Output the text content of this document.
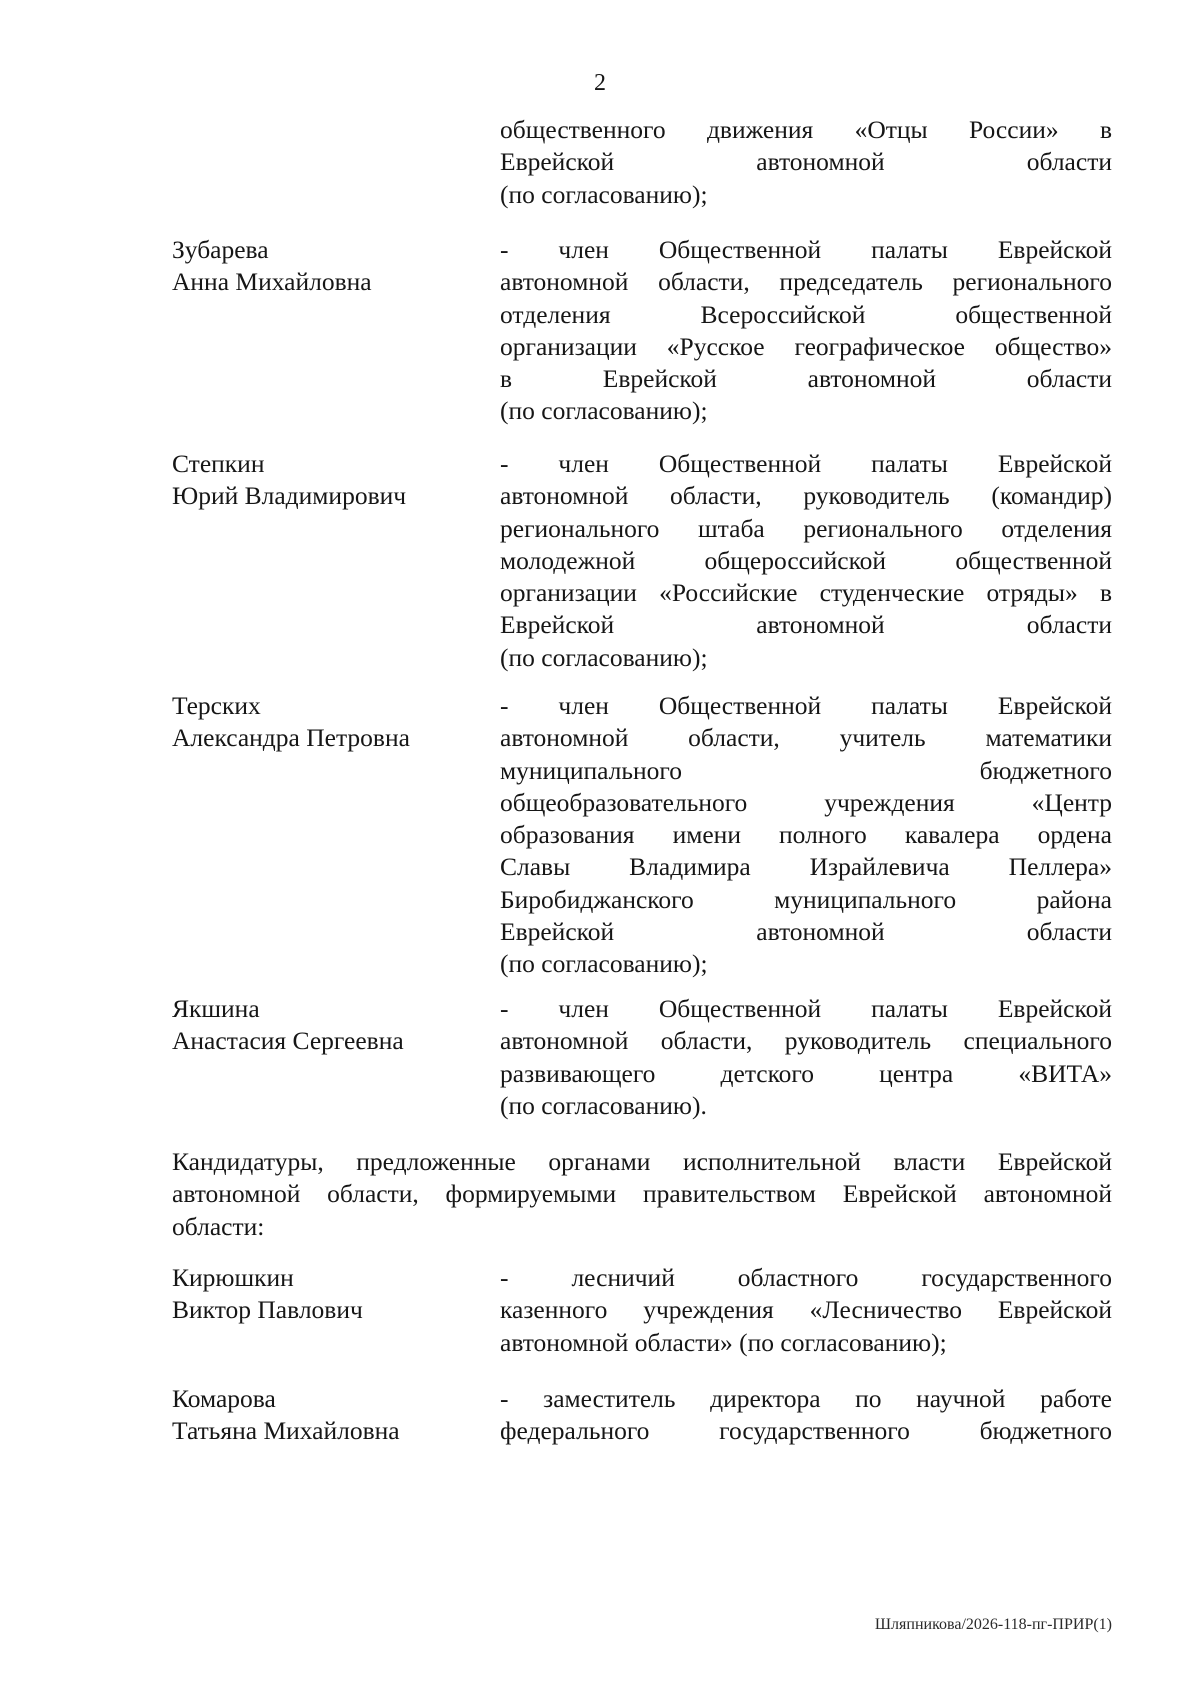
2
общественного движения «Отцы России» в
Еврейской автономной области
(по согласованию);
Зубарева
Анна Михайловна
- член Общественной палаты Еврейской
автономной области, председатель регионального
отделения Всероссийской общественной
организации «Русское географическое общество»
в Еврейской автономной области
(по согласованию);
Степкин
Юрий Владимирович
- член Общественной палаты Еврейской
автономной области, руководитель (командир)
регионального штаба регионального отделения
молодежной общероссийской общественной
организации «Российские студенческие отряды» в
Еврейской автономной области
(по согласованию);
Терских
Александра Петровна
- член Общественной палаты Еврейской
автономной области, учитель математики
муниципального бюджетного
общеобразовательного учреждения «Центр
образования имени полного кавалера ордена
Славы Владимира Израйлевича Пеллера»
Биробиджанского муниципального района
Еврейской автономной области
(по согласованию);
Якшина
Анастасия Сергеевна
- член Общественной палаты Еврейской
автономной области, руководитель специального
развивающего детского центра «ВИТА»
(по согласованию).
Кандидатуры, предложенные органами исполнительной власти Еврейской
автономной области, формируемыми правительством Еврейской автономной
области:
Кирюшкин
Виктор Павлович
- лесничий областного государственного
казенного учреждения «Лесничество Еврейской
автономной области» (по согласованию);
Комарова
Татьяна Михайловна
- заместитель директора по научной работе
федерального государственного бюджетного
Шляпникова/2026-118-пг-ПРИР(1)
